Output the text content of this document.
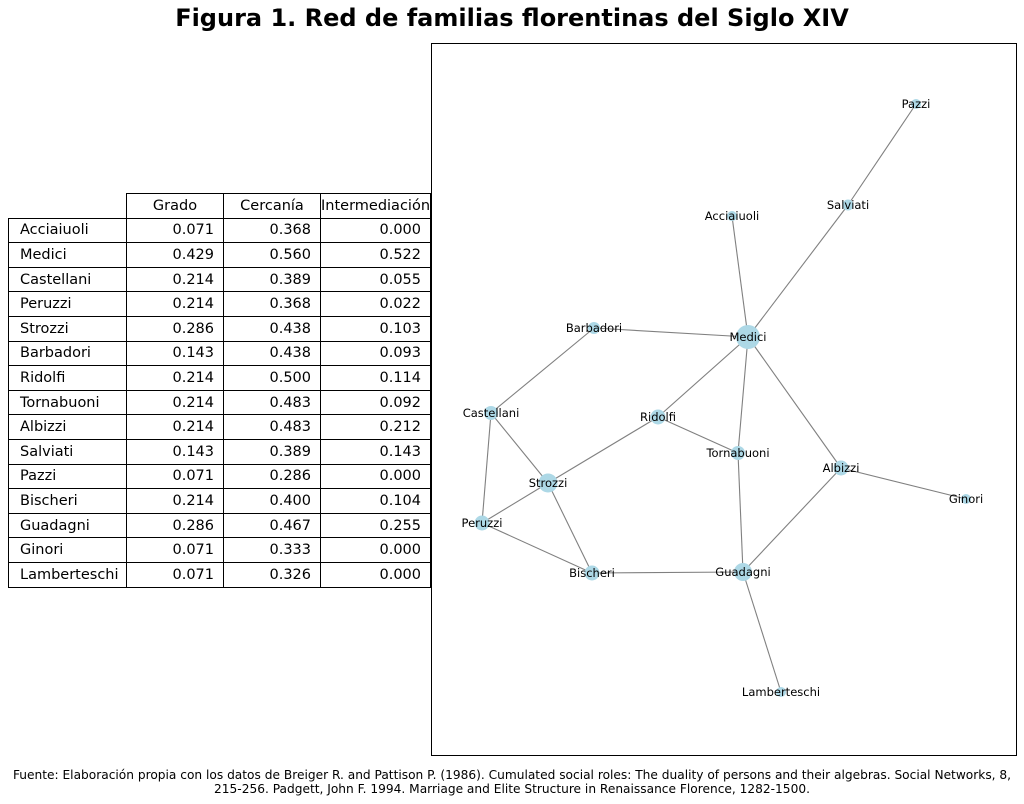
Figura 1. Red de familias florentinas del Siglo XIV
	Grado	Cercanía	Intermediación
Acciaiuoli	0.071	0.368	0.000
Medici	0.429	0.560	0.522
Castellani	0.214	0.389	0.055
Peruzzi	0.214	0.368	0.022
Strozzi	0.286	0.438	0.103
Barbadori	0.143	0.438	0.093
Ridolfi	0.214	0.500	0.114
Tornabuoni	0.214	0.483	0.092
Albizzi	0.214	0.483	0.212
Salviati	0.143	0.389	0.143
Pazzi	0.071	0.286	0.000
Bischeri	0.214	0.400	0.104
Guadagni	0.286	0.467	0.255
Ginori	0.071	0.333	0.000
Lamberteschi	0.071	0.326	0.000
Pazzi
Salviati
Acciaiuoli
Medici
Barbadori
Castellani	Ridolfi
Tornabuoni
Albizzi
Ginori
Strozzi
Peruzzi
Bischeri	Guadagni
Lamberteschi
Fuente: Elaboración propia con los datos de Breiger R. and Pattison P. (1986). Cumulated social roles: The duality of persons and their algebras. Social Networks, 8,
215-256. Padgett, John F. 1994. Marriage and Elite Structure in Renaissance Florence, 1282-1500.
